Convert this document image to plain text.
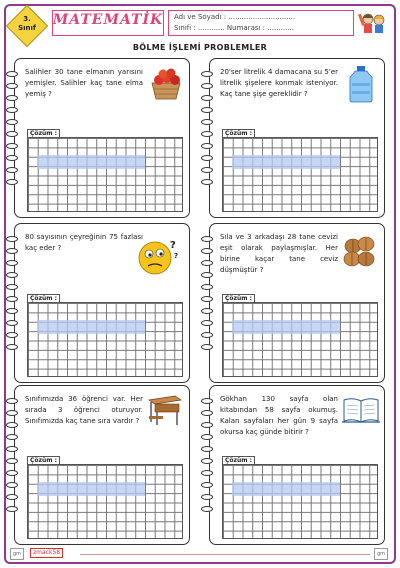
3.
Sınıf	MATEMATİK Adı ve Soyadı : ..............................
Sınıfı : ............ Numarası : ............
BÖLME İŞLEMİ PROBLEMLER
Salihler 30 tane elmanın yarısını yemişler. Salihler kaç tane elma yemiş ?
Çözüm :
20'ser litrelik 4 damacana su 5'er litrelik şişelere konmak isteniyor. Kaç tane şişe gereklidir ?
Çözüm :
80 sayısının çeyreğinin 75 fazlası kaç eder ?	?
?
Çözüm :
Sıla ve 3 arkadaşı 28 tane cevizi eşit olarak paylaşmışlar. Her birine kaçar tane ceviz düşmüştür ?
Çözüm :
Sınıfımızda 36 öğrenci var. Her sırada 3 öğrenci oturuyor. Sınıfımızda kaç tane sıra vardır ?
Çözüm :
Gökhan 130 sayfa olan kitabından 58 sayfa okumuş. Kalan sayfaları her gün 9 sayfa okursa kaç günde bitirir ?
Çözüm :
gm	zmack58	gm
